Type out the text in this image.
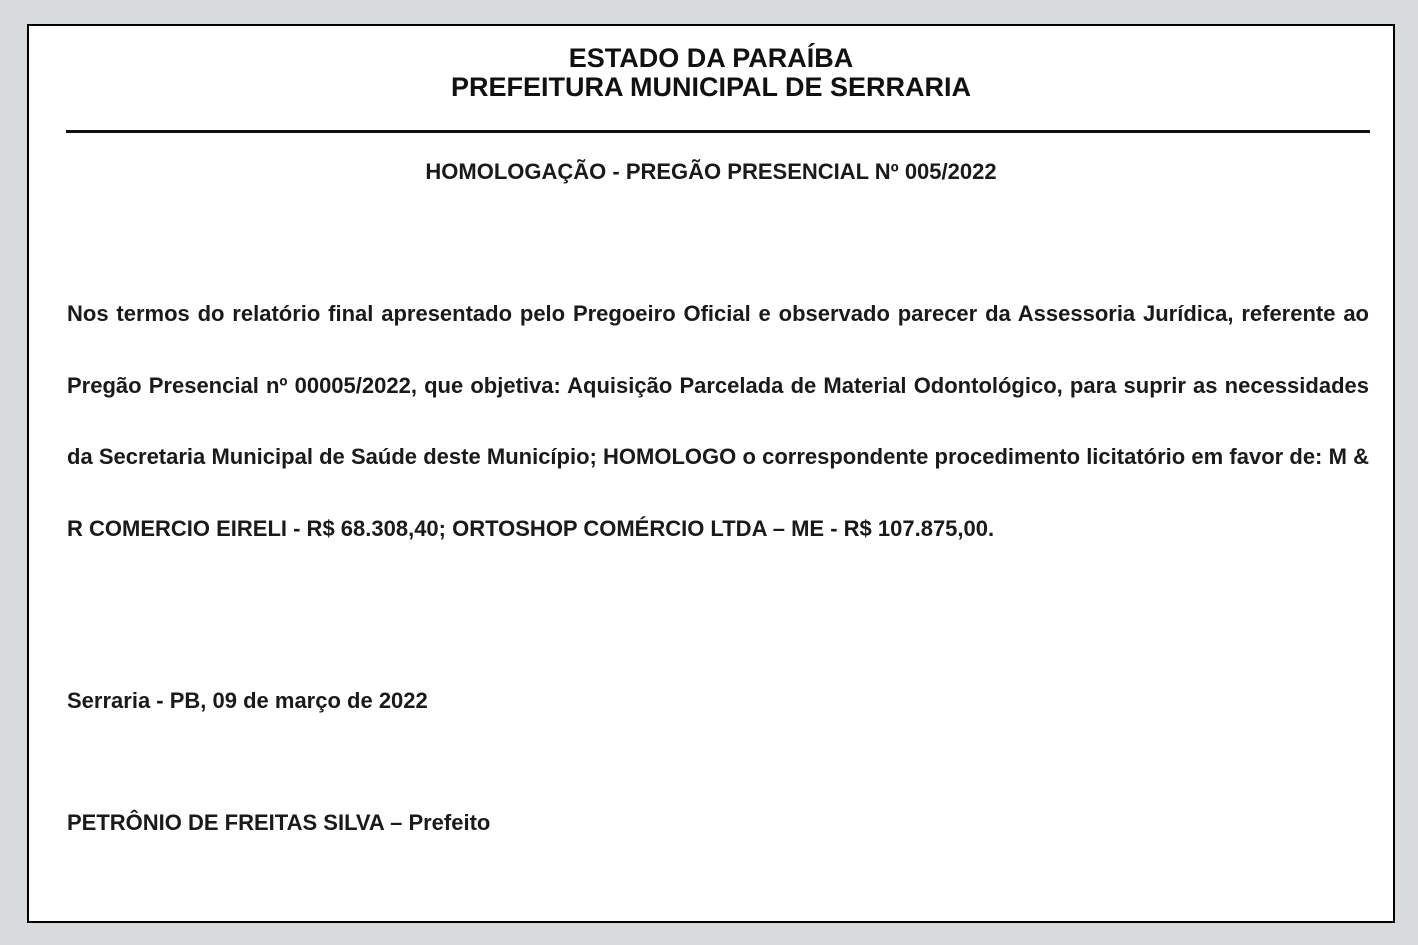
ESTADO DA PARAÍBA
PREFEITURA MUNICIPAL DE SERRARIA
HOMOLOGAÇÃO - PREGÃO PRESENCIAL Nº 005/2022
Nos termos do relatório final apresentado pelo Pregoeiro Oficial e observado parecer da Assessoria Jurídica, referente ao Pregão Presencial nº 00005/2022, que objetiva: Aquisição Parcelada de Material Odontológico, para suprir as necessidades da Secretaria Municipal de Saúde deste Município; HOMOLOGO o correspondente procedimento licitatório em favor de: M & R COMERCIO EIRELI - R$ 68.308,40; ORTOSHOP COMÉRCIO LTDA – ME - R$ 107.875,00.
Serraria - PB, 09 de março de 2022
PETRÔNIO DE FREITAS SILVA – Prefeito
